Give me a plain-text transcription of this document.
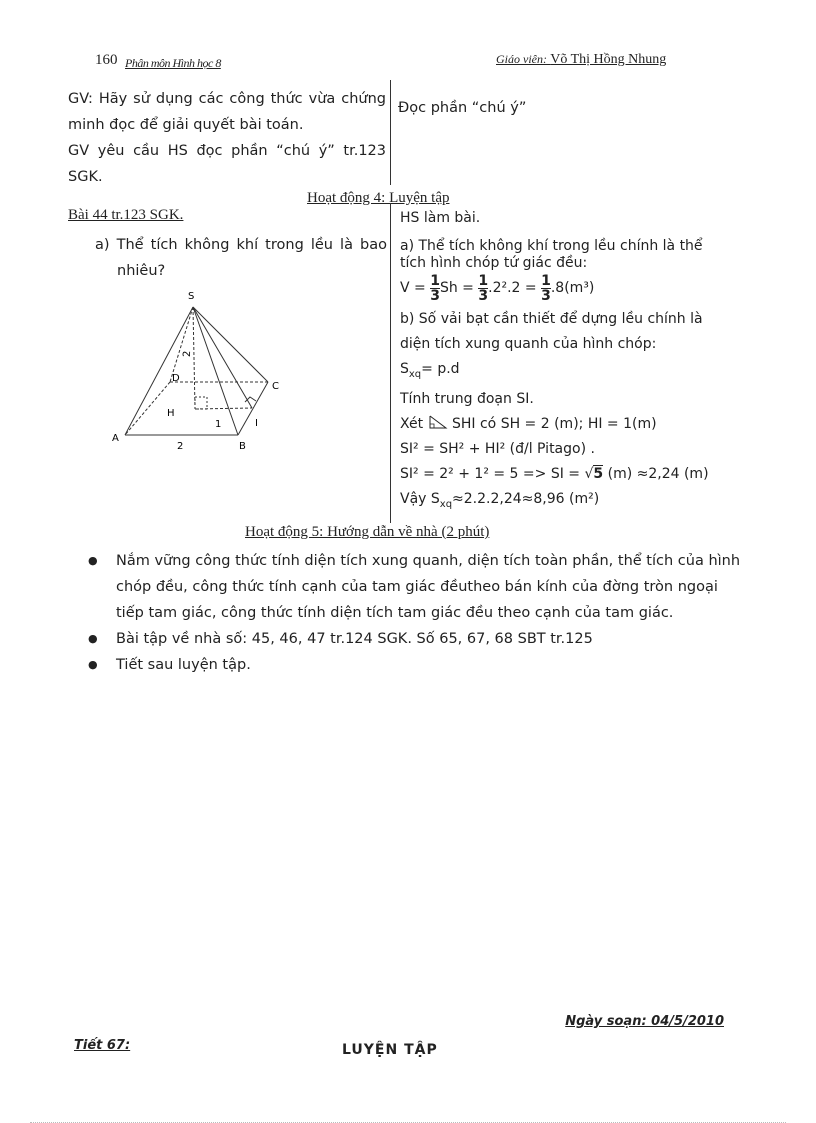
160 Phân môn Hình học 8	Giáo viên: Võ Thị Hồng Nhung
GV: Hãy sử dụng các công thức vừa chứng
minh đọc để giải quyết bài toán.
GV yêu cầu HS đọc phần “chú ý” tr.123
SGK.
Đọc phần “chú ý”
Hoạt động 4: Luyện tập
Bài 44 tr.123 SGK.
a) Thể tích không khí trong lều là bao
nhiêu?
S
A
B
C
D
H
I
2
2
1
HS làm bài.
a) Thể tích không khí trong lều chính là thể
tích hình chóp tứ giác đều:
$V = \frac{1}{3}$ $Sh = \frac{1}{3} .2^2.2 = \frac{1}{3} .8(m^3)$
b) Số vải bạt cần thiết để dựng lều chính là
diện tích xung quanh của hình chóp:
$S_{xq}= p.d$
Tính trung đoạn SI.
Xét SHI có SH = 2 (m); HI = 1(m)
SI² = SH² + HI² (đ/l Pitago) .
SI² = 2² + 1² = 5 => SI = √5 (m) ≈2,24 (m)
Vậy $S_{xq}\approx 2.2.2,24\approx 8,96$ (m²)
Hoạt động 5: Hướng dẫn về nhà (2 phút)
● Nắm vững công thức tính diện tích xung quanh, diện tích toàn phần, thể tích của hình chóp đều, công thức tính cạnh của tam giác đềutheo bán kính của đờng tròn ngoại tiếp tam giác, công thức tính diện tích tam giác đều theo cạnh của tam giác.
● Bài tập về nhà số: 45, 46, 47 tr.124 SGK. Số 65, 67, 68 SBT tr.125
● Tiết sau luyện tập.
Ngày soạn: 04/5/2010
Tiết 67:	LUYỆN TẬP
